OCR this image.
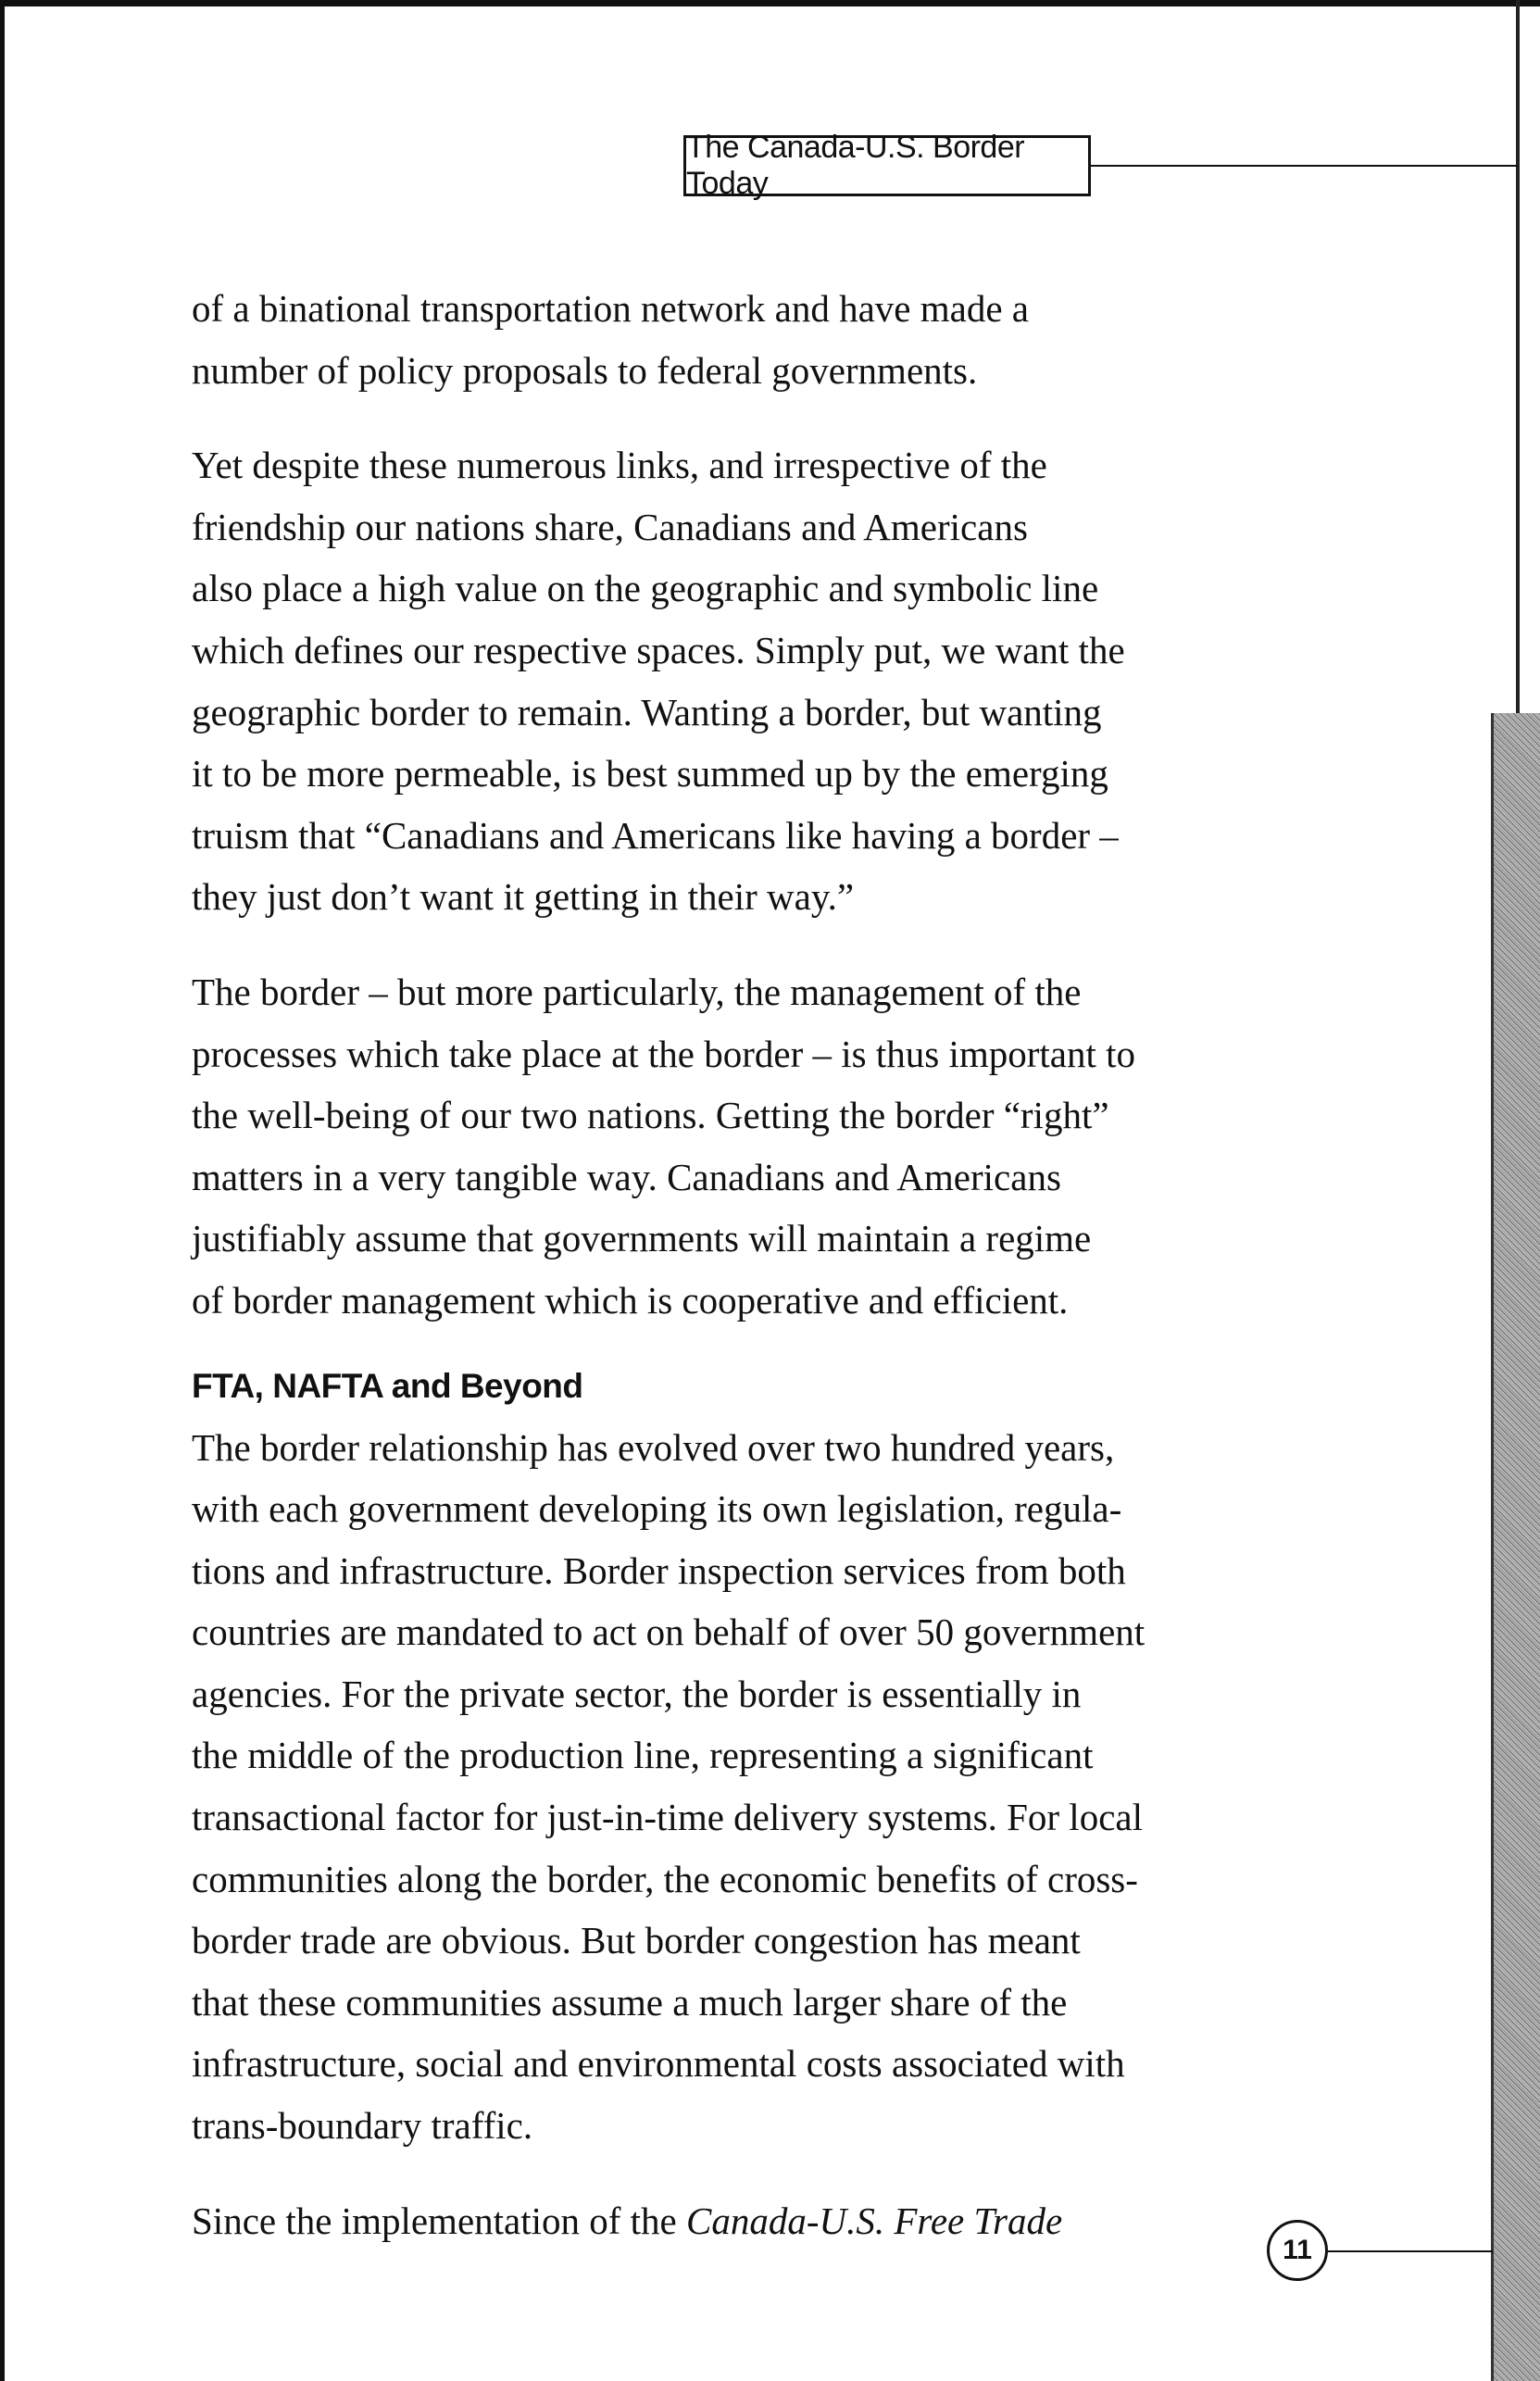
The Canada-U.S. Border Today

of a binational transportation network and have made a
number of policy proposals to federal governments.

Yet despite these numerous links, and irrespective of the
friendship our nations share, Canadians and Americans
also place a high value on the geographic and symbolic line
which defines our respective spaces. Simply put, we want the
geographic border to remain. Wanting a border, but wanting
it to be more permeable, is best summed up by the emerging
truism that “Canadians and Americans like having a border –
they just don’t want it getting in their way.”

The border – but more particularly, the management of the
processes which take place at the border – is thus important to
the well-being of our two nations. Getting the border “right”
matters in a very tangible way. Canadians and Americans
justifiably assume that governments will maintain a regime
of border management which is cooperative and efficient.

FTA, NAFTA and Beyond

The border relationship has evolved over two hundred years,
with each government developing its own legislation, regula-
tions and infrastructure. Border inspection services from both
countries are mandated to act on behalf of over 50 government
agencies. For the private sector, the border is essentially in
the middle of the production line, representing a significant
transactional factor for just-in-time delivery systems. For local
communities along the border, the economic benefits of cross-
border trade are obvious. But border congestion has meant
that these communities assume a much larger share of the
infrastructure, social and environmental costs associated with
trans-boundary traffic.

Since the implementation of the Canada-U.S. Free Trade

11
